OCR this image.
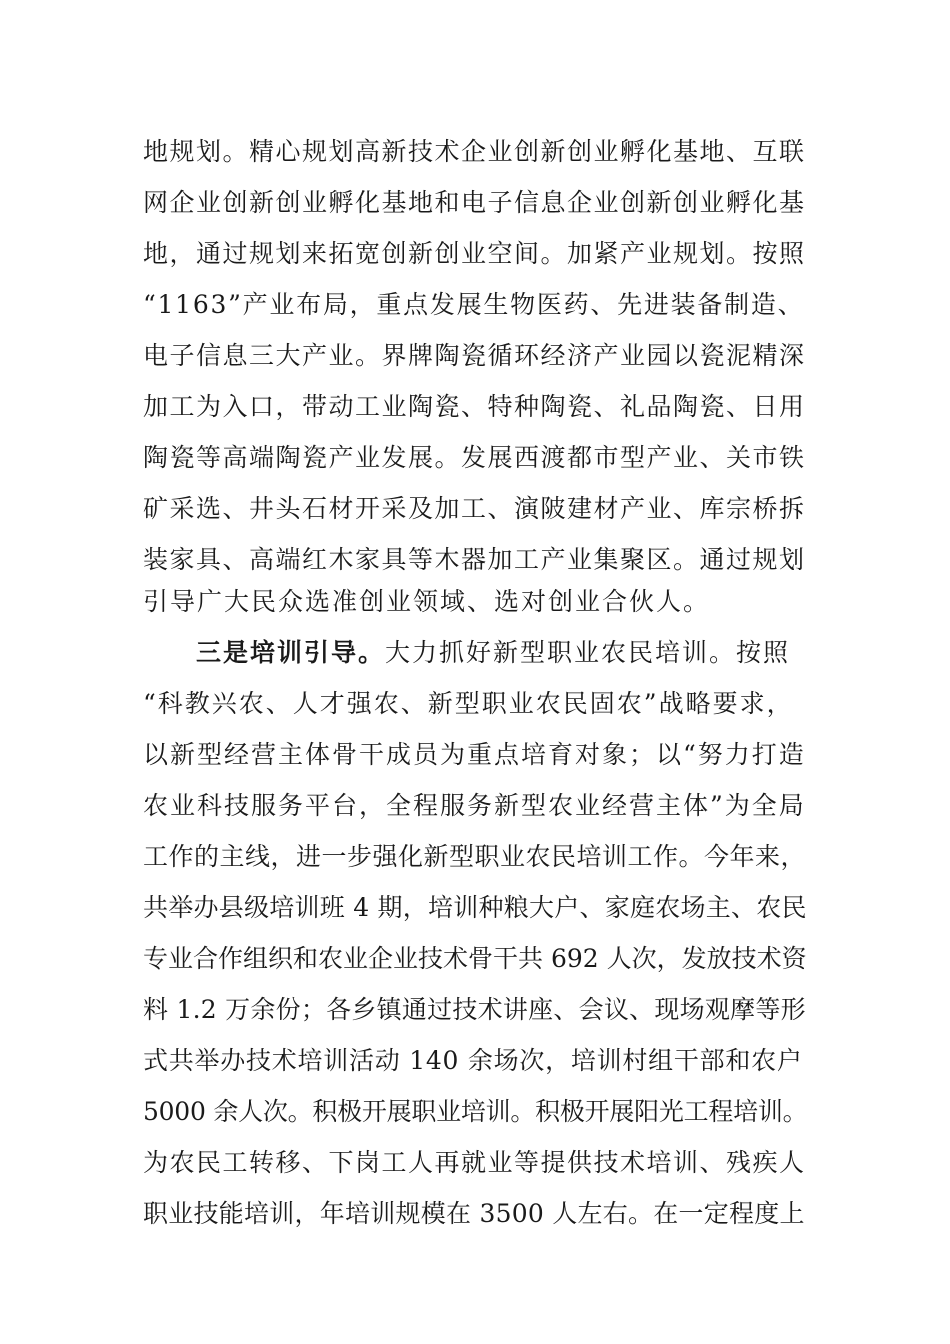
地规划。精心规划高新技术企业创新创业孵化基地、互联
网企业创新创业孵化基地和电子信息企业创新创业孵化基
地，通过规划来拓宽创新创业空间。加紧产业规划。按照
“1163”产业布局，重点发展生物医药、先进装备制造、
电子信息三大产业。界牌陶瓷循环经济产业园以瓷泥精深
加工为入口，带动工业陶瓷、特种陶瓷、礼品陶瓷、日用
陶瓷等高端陶瓷产业发展。发展西渡都市型产业、关市铁
矿采选、井头石材开采及加工、演陂建材产业、库宗桥拆
装家具、高端红木家具等木器加工产业集聚区。通过规划
引导广大民众选准创业领域、选对创业合伙人。
三是培训引导。大力抓好新型职业农民培训。按照
“科教兴农、人才强农、新型职业农民固农”战略要求，
以新型经营主体骨干成员为重点培育对象；以“努力打造
农业科技服务平台，全程服务新型农业经营主体”为全局
工作的主线，进一步强化新型职业农民培训工作。今年来，
共举办县级培训班 4 期，培训种粮大户、家庭农场主、农民
专业合作组织和农业企业技术骨干共 692 人次，发放技术资
料 1.2 万余份；各乡镇通过技术讲座、会议、现场观摩等形
式共举办技术培训活动 140 余场次，培训村组干部和农户
5000 余人次。积极开展职业培训。积极开展阳光工程培训。
为农民工转移、下岗工人再就业等提供技术培训、残疾人
职业技能培训，年培训规模在 3500 人左右。在一定程度上
